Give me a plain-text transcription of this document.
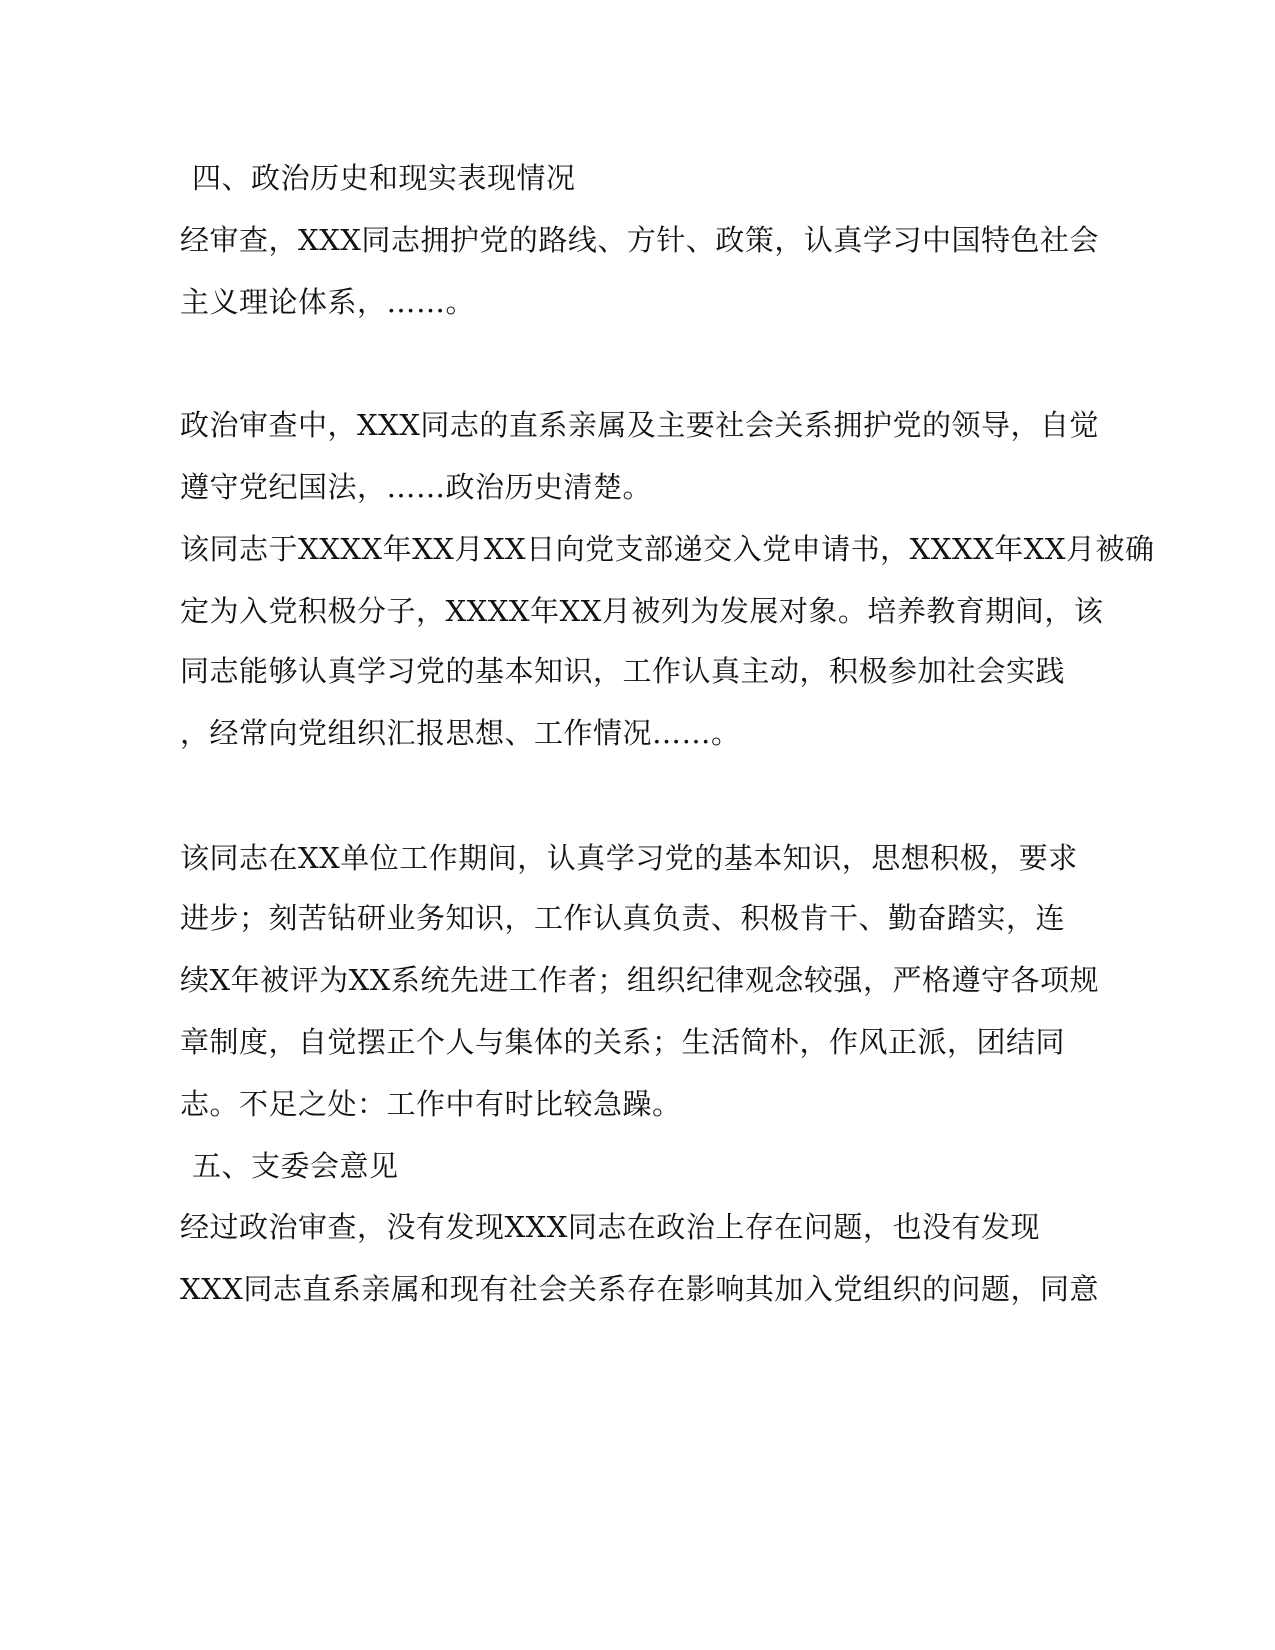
四、政治历史和现实表现情况
经审查，XXX同志拥护党的路线、方针、政策，认真学习中国特色社会
主义理论体系，……。
政治审查中，XXX同志的直系亲属及主要社会关系拥护党的领导，自觉
遵守党纪国法，……政治历史清楚。
该同志于XXXX年XX月XX日向党支部递交入党申请书，XXXX年XX月被确
定为入党积极分子，XXXX年XX月被列为发展对象。培养教育期间，该
同志能够认真学习党的基本知识，工作认真主动，积极参加社会实践
，经常向党组织汇报思想、工作情况……。
该同志在XX单位工作期间，认真学习党的基本知识，思想积极，要求
进步；刻苦钻研业务知识，工作认真负责、积极肯干、勤奋踏实，连
续X年被评为XX系统先进工作者；组织纪律观念较强，严格遵守各项规
章制度，自觉摆正个人与集体的关系；生活简朴，作风正派，团结同
志。不足之处：工作中有时比较急躁。
五、支委会意见
经过政治审查，没有发现XXX同志在政治上存在问题，也没有发现
XXX同志直系亲属和现有社会关系存在影响其加入党组织的问题，同意
